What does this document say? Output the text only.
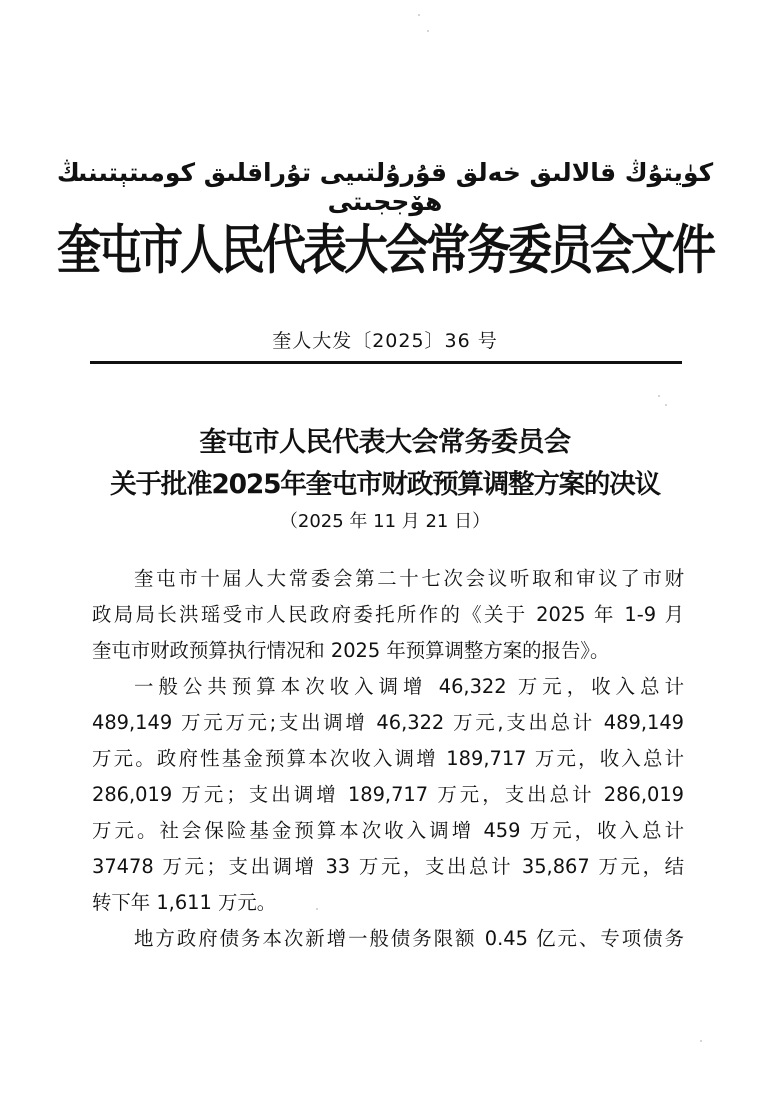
كۈيتۇڭ قالالىق خەلق قۇرۇلتىيى تۇراقلىق كومىتېتىنىڭ ھۆججىتى
奎屯市人民代表大会常务委员会文件
奎人大发〔2025〕36 号
奎屯市人民代表大会常务委员会
关于批准2025年奎屯市财政预算调整方案的决议
（2025 年 11 月 21 日）
奎屯市十届人大常委会第二十七次会议听取和审议了市财
政局局长洪瑶受市人民政府委托所作的《关于 2025 年 1-9 月
奎屯市财政预算执行情况和 2025 年预算调整方案的报告》。
一般公共预算本次收入调增 46,322 万元，收入总计
489,149 万元万元;支出调增 46,322 万元,支出总计 489,149
万元。政府性基金预算本次收入调增 189,717 万元，收入总计
286,019 万元；支出调增 189,717 万元，支出总计 286,019
万元。社会保险基金预算本次收入调增 459 万元，收入总计
37478 万元；支出调增 33 万元，支出总计 35,867 万元，结
转下年 1,611 万元。
地方政府债务本次新增一般债务限额 0.45 亿元、专项债务
